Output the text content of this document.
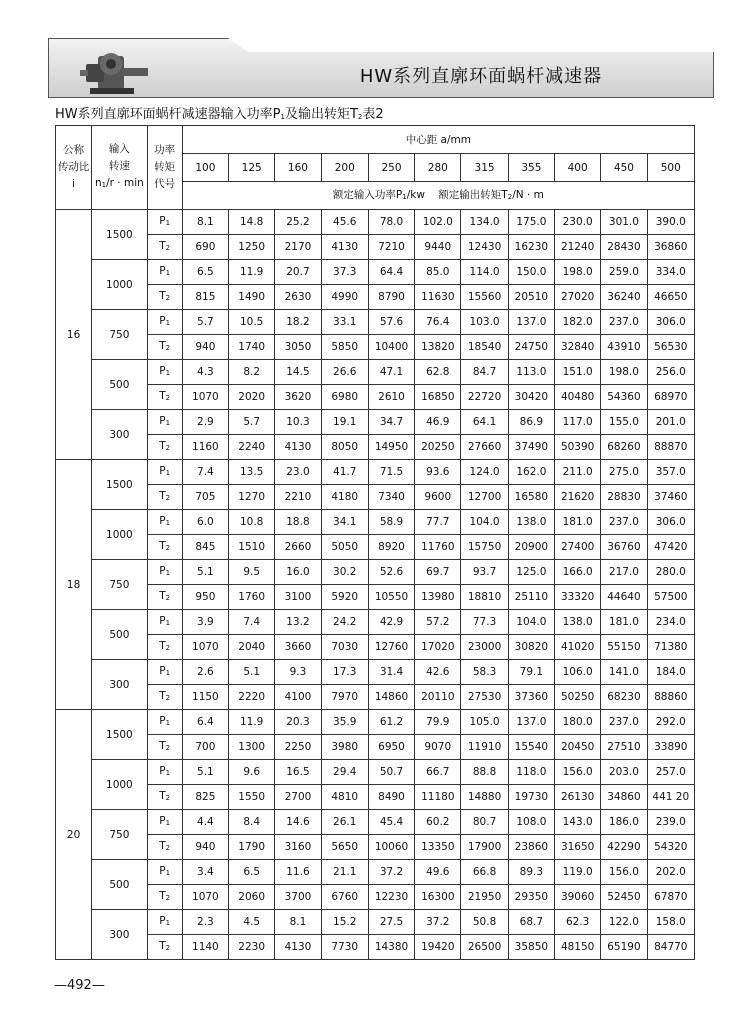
HW系列直廓环面蜗杆减速器
HW系列直廓环面蜗杆减速器输入功率P1及输出转矩T2表2
公称
传动比
i	输入
转速
n1/r · min	功率
转矩
代号	中心距 a/mm										
			100	125	160	200	250	280	315	355	400	450	500
			额定输入功率P1/kw 额定输出转矩T2/N · m										
16	1500	P1	8.1	14.8	25.2	45.6	78.0	102.0	134.0	175.0	230.0	301.0	390.0
		T2	690	1250	2170	4130	7210	9440	12430	16230	21240	28430	36860
	1000	P1	6.5	11.9	20.7	37.3	64.4	85.0	114.0	150.0	198.0	259.0	334.0
		T2	815	1490	2630	4990	8790	11630	15560	20510	27020	36240	46650
	750	P1	5.7	10.5	18.2	33.1	57.6	76.4	103.0	137.0	182.0	237.0	306.0
		T2	940	1740	3050	5850	10400	13820	18540	24750	32840	43910	56530
	500	P1	4.3	8.2	14.5	26.6	47.1	62.8	84.7	113.0	151.0	198.0	256.0
		T2	1070	2020	3620	6980	2610	16850	22720	30420	40480	54360	68970
	300	P1	2.9	5.7	10.3	19.1	34.7	46.9	64.1	86.9	117.0	155.0	201.0
		T2	1160	2240	4130	8050	14950	20250	27660	37490	50390	68260	88870
18	1500	P1	7.4	13.5	23.0	41.7	71.5	93.6	124.0	162.0	211.0	275.0	357.0
		T2	705	1270	2210	4180	7340	9600	12700	16580	21620	28830	37460
	1000	P1	6.0	10.8	18.8	34.1	58.9	77.7	104.0	138.0	181.0	237.0	306.0
		T2	845	1510	2660	5050	8920	11760	15750	20900	27400	36760	47420
	750	P1	5.1	9.5	16.0	30.2	52.6	69.7	93.7	125.0	166.0	217.0	280.0
		T2	950	1760	3100	5920	10550	13980	18810	25110	33320	44640	57500
	500	P1	3.9	7.4	13.2	24.2	42.9	57.2	77.3	104.0	138.0	181.0	234.0
		T2	1070	2040	3660	7030	12760	17020	23000	30820	41020	55150	71380
	300	P1	2.6	5.1	9.3	17.3	31.4	42.6	58.3	79.1	106.0	141.0	184.0
		T2	1150	2220	4100	7970	14860	20110	27530	37360	50250	68230	88860
20	1500	P1	6.4	11.9	20.3	35.9	61.2	79.9	105.0	137.0	180.0	237.0	292.0
		T2	700	1300	2250	3980	6950	9070	11910	15540	20450	27510	33890
	1000	P1	5.1	9.6	16.5	29.4	50.7	66.7	88.8	118.0	156.0	203.0	257.0
		T2	825	1550	2700	4810	8490	11180	14880	19730	26130	34860	441 20
	750	P1	4.4	8.4	14.6	26.1	45.4	60.2	80.7	108.0	143.0	186.0	239.0
		T2	940	1790	3160	5650	10060	13350	17900	23860	31650	42290	54320
	500	P1	3.4	6.5	11.6	21.1	37.2	49.6	66.8	89.3	119.0	156.0	202.0
		T2	1070	2060	3700	6760	12230	16300	21950	29350	39060	52450	67870
	300	P1	2.3	4.5	8.1	15.2	27.5	37.2	50.8	68.7	62.3	122.0	158.0
		T2	1140	2230	4130	7730	14380	19420	26500	35850	48150	65190	84770
—492—
